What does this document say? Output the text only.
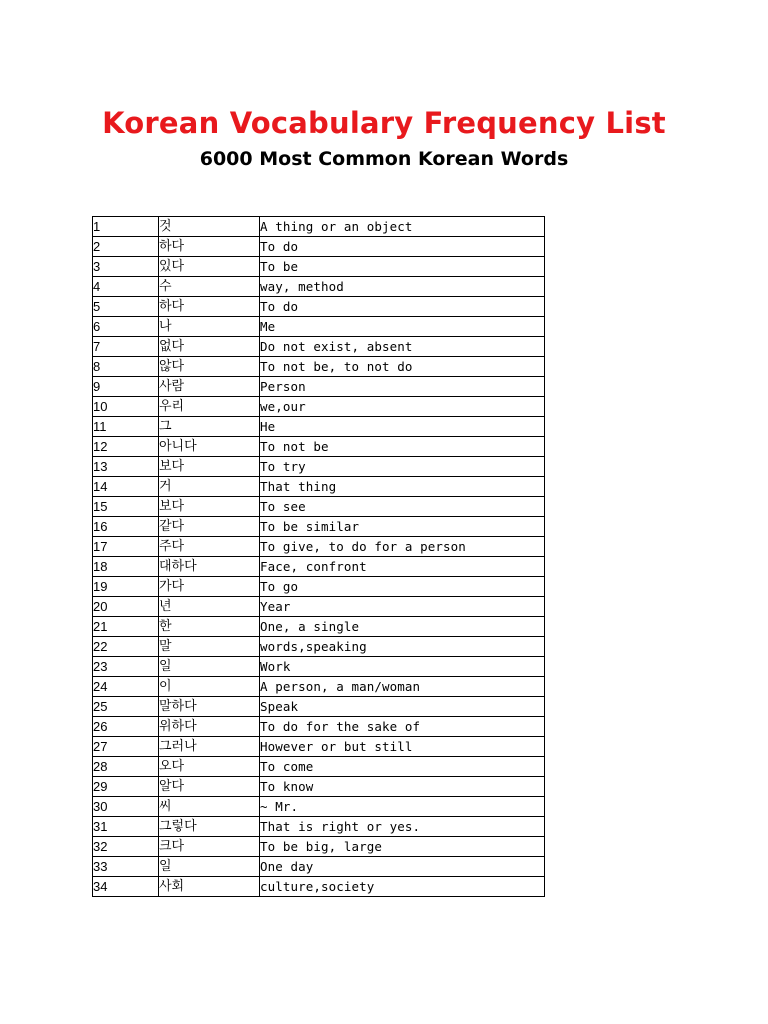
Korean Vocabulary Frequency List
6000 Most Common Korean Words
1	것	A thing or an object
2	하다	To do
3	있다	To be
4	수	way, method
5	하다	To do
6	나	Me
7	없다	Do not exist, absent
8	않다	To not be, to not do
9	사람	Person
10	우리	we,our
11	그	He
12	아니다	To not be
13	보다	To try
14	거	That thing
15	보다	To see
16	같다	To be similar
17	주다	To give, to do for a person
18	대하다	Face, confront
19	가다	To go
20	년	Year
21	한	One, a single
22	말	words,speaking
23	일	Work
24	이	A person, a man/woman
25	말하다	Speak
26	위하다	To do for the sake of
27	그러나	However or but still
28	오다	To come
29	알다	To know
30	씨	~ Mr.
31	그렇다	That is right or yes.
32	크다	To be big, large
33	일	One day
34	사회	culture,society
